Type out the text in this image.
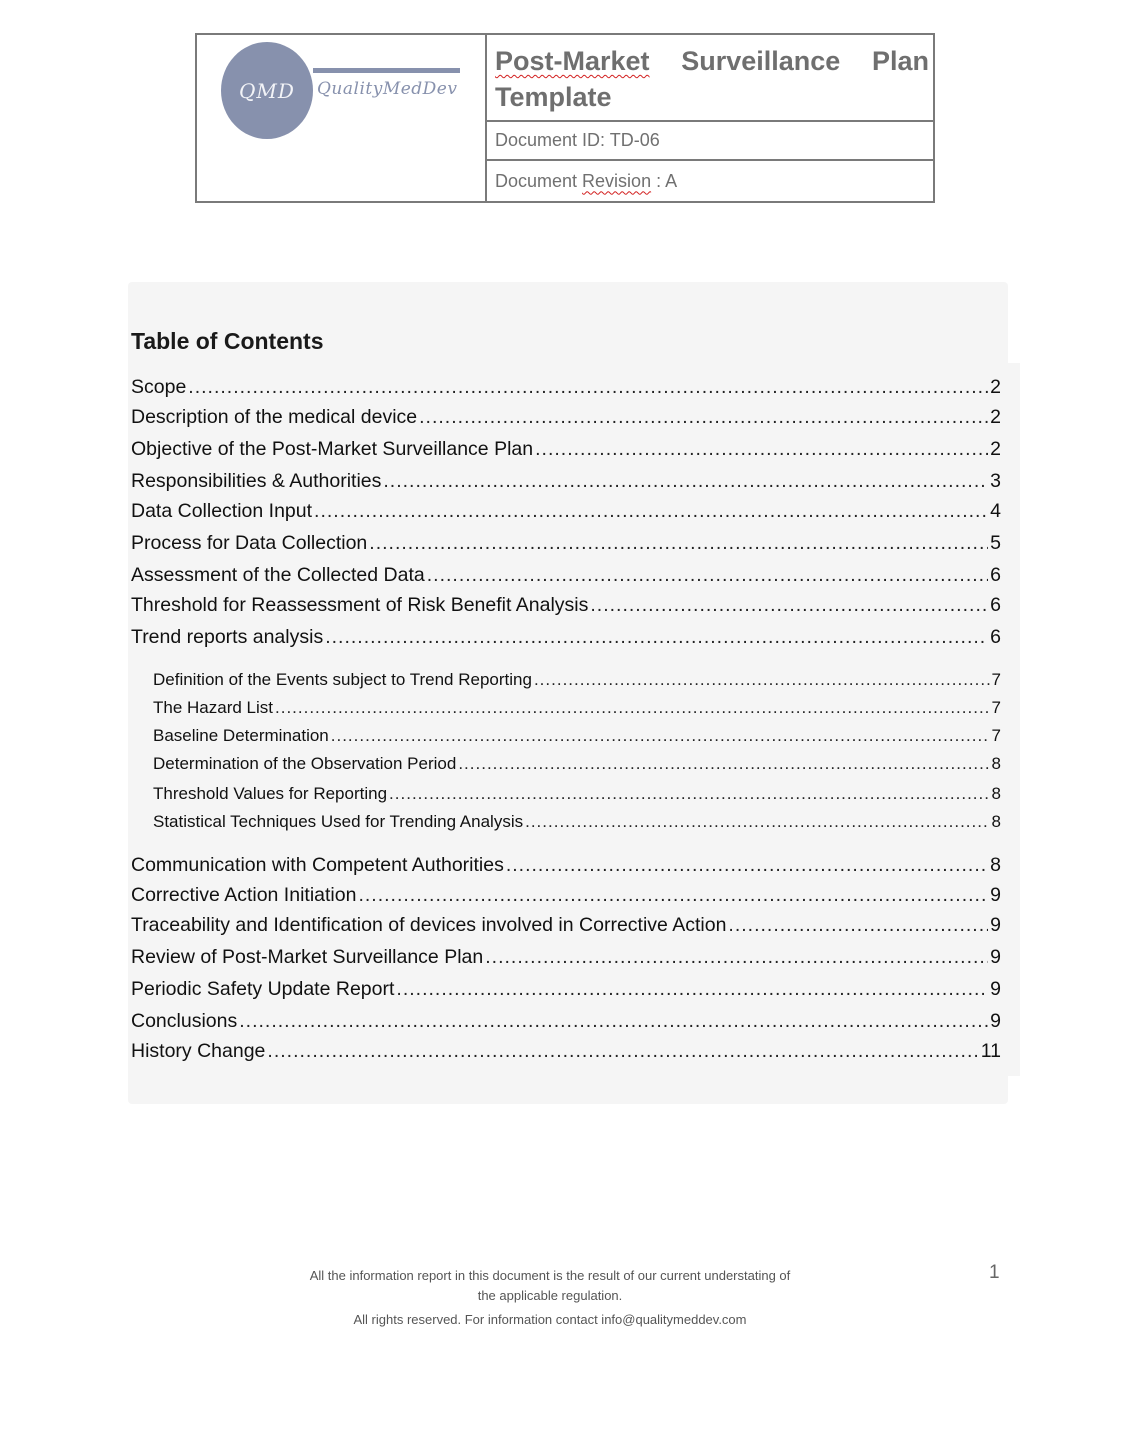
QMD QualityMedDev
Post-Market Surveillance Plan
Template
Document ID: TD-06
Document Revision : A
Table of Contents
Scope .....	2
Description of the medical device .....	2
Objective of the Post-Market Surveillance Plan .....	2
Responsibilities & Authorities .....	3
Data Collection Input .....	4
Process for Data Collection .....	5
Assessment of the Collected Data .....	6
Threshold for Reassessment of Risk Benefit Analysis .....	6
Trend reports analysis .....	6
Definition of the Events subject to Trend Reporting .....	7
The Hazard List .....	7
Baseline Determination .....	7
Determination of the Observation Period .....	8
Threshold Values for Reporting .....	8
Statistical Techniques Used for Trending Analysis .....	8
Communication with Competent Authorities .....	8
Corrective Action Initiation .....	9
Traceability and Identification of devices involved in Corrective Action .....	9
Review of Post-Market Surveillance Plan .....	9
Periodic Safety Update Report .....	9
Conclusions .....	9
History Change .....	11
All the information report in this document is the result of our current understating of
the applicable regulation.
All rights reserved. For information contact info@qualitymeddev.com
1
